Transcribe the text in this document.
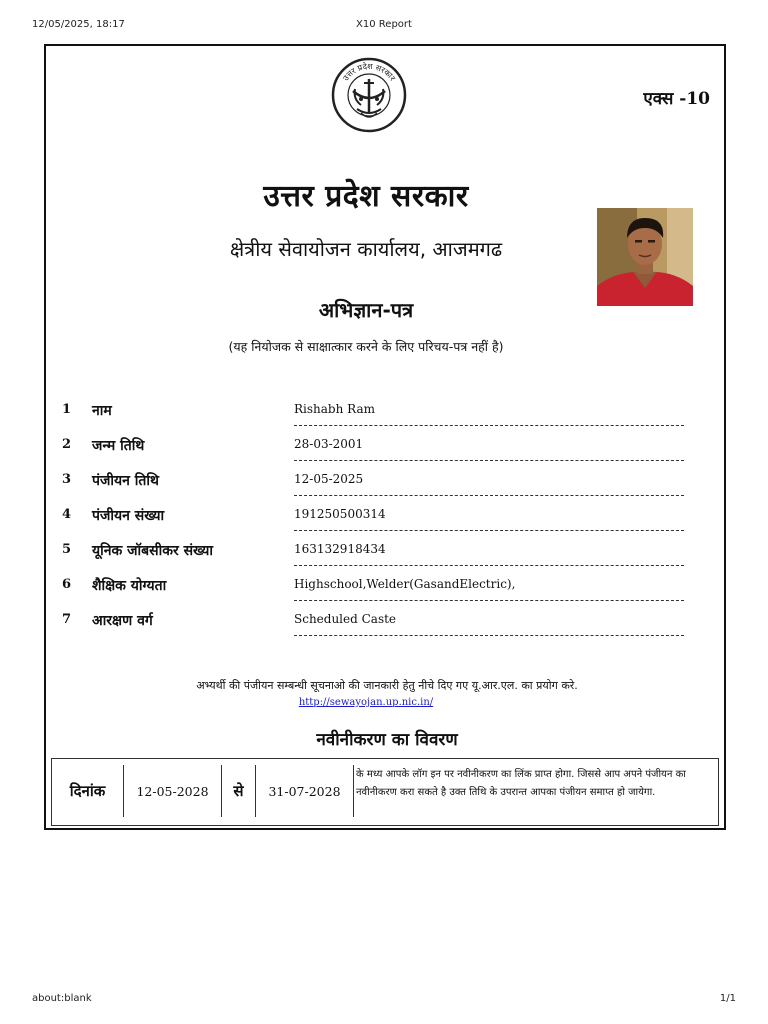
12/05/2025, 18:17	X10 Report
उत्तर प्रदेश सरकार
एक्स -10
उत्तर प्रदेश सरकार
क्षेत्रीय सेवायोजन कार्यालय, आजमगढ
अभिज्ञान-पत्र
(यह नियोजक से साक्षात्कार करने के लिए परिचय-पत्र नहीं है)
1 नाम	Rishabh Ram
2 जन्म तिथि	28-03-2001
3 पंजीयन तिथि	12-05-2025
4 पंजीयन संख्या	191250500314
5 यूनिक जॉबसीकर संख्या	163132918434
6 शैक्षिक योग्यता	Highschool,Welder(GasandElectric),
7 आरक्षण वर्ग	Scheduled Caste
अभ्यर्थी की पंजीयन सम्बन्धी सूचनाओ की जानकारी हेतु नीचे दिए गए यू.आर.एल. का प्रयोग करे.
http://sewayojan.up.nic.in/
नवीनीकरण का विवरण
दिनांक	12-05-2028	से	31-07-2028
के मध्य आपके लॉग इन पर नवीनीकरण का लिंक प्राप्त होगा. जिससे आप अपने पंजीयन का नवीनीकरण करा सकते है उक्त तिथि के उपरान्त आपका पंजीयन समाप्त हो जायेगा.
about:blank	1/1
